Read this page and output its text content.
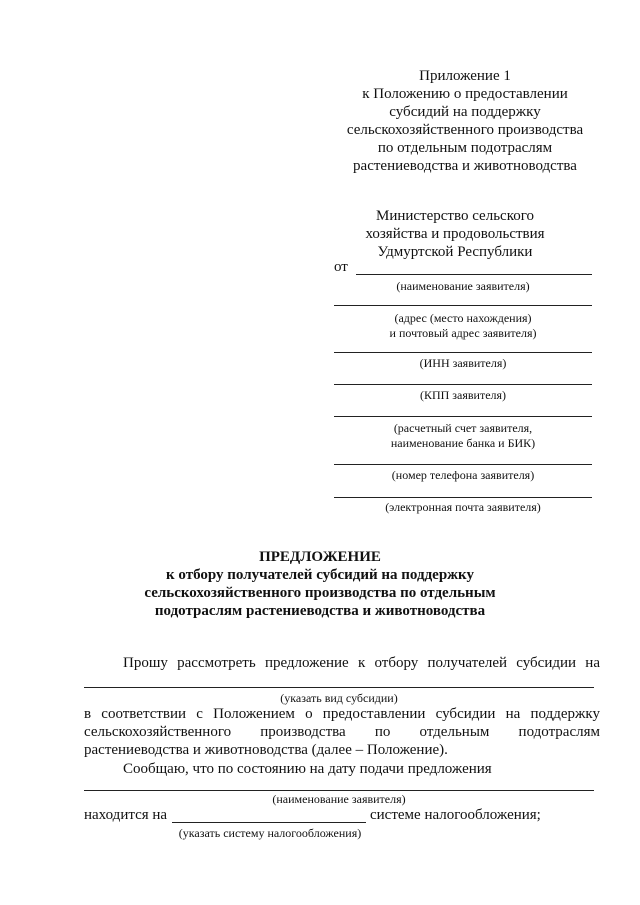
Приложение 1
к Положению о предоставлении
субсидий на поддержку
сельскохозяйственного производства
по отдельным подотраслям
растениеводства и животноводства
Министерство сельского
хозяйства и продовольствия
Удмуртской Республики
от
(наименование заявителя)
(адрес (место нахождения)
и почтовый адрес заявителя)
(ИНН заявителя)
(КПП заявителя)
(расчетный счет заявителя,
наименование банка и БИК)
(номер телефона заявителя)
(электронная почта заявителя)
ПРЕДЛОЖЕНИЕ
к отбору получателей субсидий на поддержку
сельскохозяйственного производства по отдельным
подотраслям растениеводства и животноводства
Прошу рассмотреть предложение к отбору получателей субсидии на
(указать вид субсидии)
в соответствии с Положением о предоставлении субсидии на поддержку
сельскохозяйственного производства по отдельным подотраслям
растениеводства и животноводства (далее – Положение).
Сообщаю, что по состоянию на дату подачи предложения
(наименование заявителя)
находится на	системе налогообложения;
(указать систему налогообложения)
